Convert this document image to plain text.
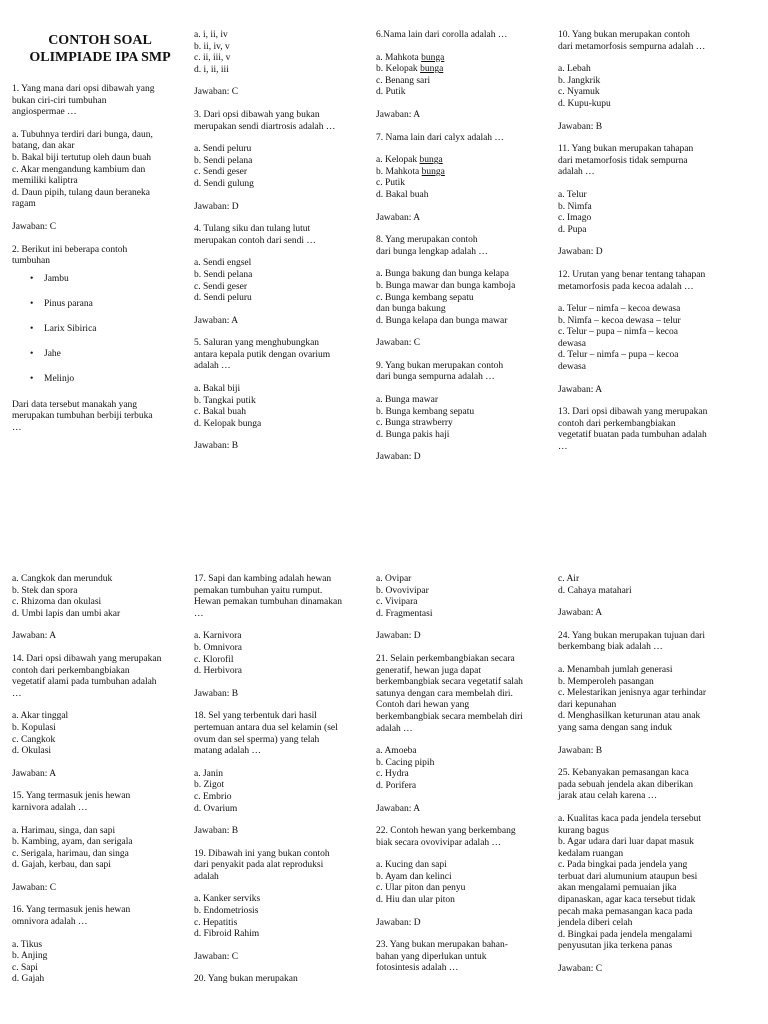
CONTOH SOAL
OLIMPIADE IPA SMP
1. Yang mana dari opsi dibawah yang
bukan ciri-ciri tumbuhan
angiospermae …
a. Tubuhnya terdiri dari bunga, daun,
batang, dan akar
b. Bakal biji tertutup oleh daun buah
c. Akar mengandung kambium dan
memiliki kaliptra
d. Daun pipih, tulang daun beraneka
ragam
Jawaban: C
2. Berikut ini beberapa contoh
tumbuhan
• Jambu
• Pinus parana
• Larix Sibirica
• Jahe
• Melinjo
Dari data tersebut manakah yang
merupakan tumbuhan berbiji terbuka
…
a. i, ii, iv
b. ii, iv, v
c. ii, iii, v
d. i, ii, iii
Jawaban: C
3. Dari opsi dibawah yang bukan
merupakan sendi diartrosis adalah …
a. Sendi peluru
b. Sendi pelana
c. Sendi geser
d. Sendi gulung
Jawaban: D
4. Tulang siku dan tulang lutut
merupakan contoh dari sendi …
a. Sendi engsel
b. Sendi pelana
c. Sendi geser
d. Sendi peluru
Jawaban: A
5. Saluran yang menghubungkan
antara kepala putik dengan ovarium
adalah …
a. Bakal biji
b. Tangkai putik
c. Bakal buah
d. Kelopak bunga
Jawaban: B
6.Nama lain dari corolla adalah …
a. Mahkota bunga
b. Kelopak bunga
c. Benang sari
d. Putik
Jawaban: A
7. Nama lain dari calyx adalah …
a. Kelopak bunga
b. Mahkota bunga
c. Putik
d. Bakal buah
Jawaban: A
8. Yang merupakan contoh
dari bunga lengkap adalah …
a. Bunga bakung dan bunga kelapa
b. Bunga mawar dan bunga kamboja
c. Bunga kembang sepatu
dan bunga bakung
d. Bunga kelapa dan bunga mawar
Jawaban: C
9. Yang bukan merupakan contoh
dari bunga sempurna adalah …
a. Bunga mawar
b. Bunga kembang sepatu
c. Bunga strawberry
d. Bunga pakis haji
Jawaban: D
10. Yang bukan merupakan contoh
dari metamorfosis sempurna adalah …
a. Lebah
b. Jangkrik
c. Nyamuk
d. Kupu-kupu
Jawaban: B
11. Yang bukan merupakan tahapan
dari metamorfosis tidak sempurna
adalah …
a. Telur
b. Nimfa
c. Imago
d. Pupa
Jawaban: D
12. Urutan yang benar tentang tahapan
metamorfosis pada kecoa adalah …
a. Telur – nimfa – kecoa dewasa
b. Nimfa – kecoa dewasa – telur
c. Telur – pupa – nimfa – kecoa
dewasa
d. Telur – nimfa – pupa – kecoa
dewasa
Jawaban: A
13. Dari opsi dibawah yang merupakan
contoh dari perkembangbiakan
vegetatif buatan pada tumbuhan adalah
…
a. Cangkok dan merunduk
b. Stek dan spora
c. Rhizoma dan okulasi
d. Umbi lapis dan umbi akar
Jawaban: A
14. Dari opsi dibawah yang merupakan
contoh dari perkembangbiakan
vegetatif alami pada tumbuhan adalah
…
a. Akar tinggal
b. Kopulasi
c. Cangkok
d. Okulasi
Jawaban: A
15. Yang termasuk jenis hewan
karnivora adalah …
a. Harimau, singa, dan sapi
b. Kambing, ayam, dan serigala
c. Serigala, harimau, dan singa
d. Gajah, kerbau, dan sapi
Jawaban: C
16. Yang termasuk jenis hewan
omnivora adalah …
a. Tikus
b. Anjing
c. Sapi
d. Gajah
17. Sapi dan kambing adalah hewan
pemakan tumbuhan yaitu rumput.
Hewan pemakan tumbuhan dinamakan
…
a. Karnivora
b. Omnivora
c. Klorofil
d. Herbivora
Jawaban: B
18. Sel yang terbentuk dari hasil
pertemuan antara dua sel kelamin (sel
ovum dan sel sperma) yang telah
matang adalah …
a. Janin
b. Zigot
c. Embrio
d. Ovarium
Jawaban: B
19. Dibawah ini yang bukan contoh
dari penyakit pada alat reproduksi
adalah
a. Kanker serviks
b. Endometriosis
c. Hepatitis
d. Fibroid Rahim
Jawaban: C
20. Yang bukan merupakan
a. Ovipar
b. Ovovivipar
c. Vivipara
d. Fragmentasi
Jawaban: D
21. Selain perkembangbiakan secara
generatif, hewan juga dapat
berkembangbiak secara vegetatif salah
satunya dengan cara membelah diri.
Contoh dari hewan yang
berkembangbiak secara membelah diri
adalah …
a. Amoeba
b. Cacing pipih
c. Hydra
d. Porifera
Jawaban: A
22. Contoh hewan yang berkembang
biak secara ovovivipar adalah …
a. Kucing dan sapi
b. Ayam dan kelinci
c. Ular piton dan penyu
d. Hiu dan ular piton
Jawaban: D
23. Yang bukan merupakan bahan-
bahan yang diperlukan untuk
fotosintesis adalah …
c. Air
d. Cahaya matahari
Jawaban: A
24. Yang bukan merupakan tujuan dari
berkembang biak adalah …
a. Menambah jumlah generasi
b. Memperoleh pasangan
c. Melestarikan jenisnya agar terhindar
dari kepunahan
d. Menghasilkan keturunan atau anak
yang sama dengan sang induk
Jawaban: B
25. Kebanyakan pemasangan kaca
pada sebuah jendela akan diberikan
jarak atau celah karena …
a. Kualitas kaca pada jendela tersebut
kurang bagus
b. Agar udara dari luar dapat masuk
kedalam ruangan
c. Pada bingkai pada jendela yang
terbuat dari alumunium ataupun besi
akan mengalami pemuaian jika
dipanaskan, agar kaca tersebut tidak
pecah maka pemasangan kaca pada
jendela diberi celah
d. Bingkai pada jendela mengalami
penyusutan jika terkena panas
Jawaban: C
